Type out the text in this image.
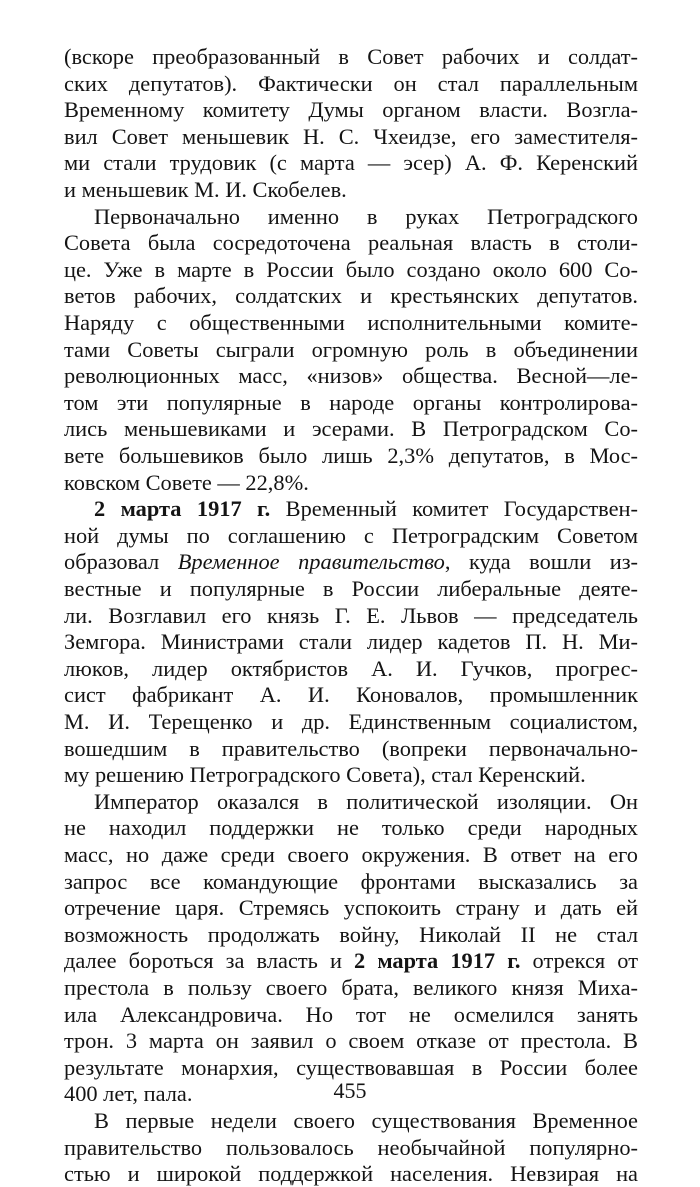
(вскоре преобразованный в Совет рабочих и солдат-
ских депутатов). Фактически он стал параллельным
Временному комитету Думы органом власти. Возгла-
вил Совет меньшевик Н. С. Чхеидзе, его заместителя-
ми стали трудовик (с марта — эсер) А. Ф. Керенский
и меньшевик М. И. Скобелев.
Первоначально именно в руках Петроградского
Совета была сосредоточена реальная власть в столи-
це. Уже в марте в России было создано около 600 Со-
ветов рабочих, солдатских и крестьянских депутатов.
Наряду с общественными исполнительными комите-
тами Советы сыграли огромную роль в объединении
революционных масс, «низов» общества. Весной—ле-
том эти популярные в народе органы контролирова-
лись меньшевиками и эсерами. В Петроградском Со-
вете большевиков было лишь 2,3% депутатов, в Мос-
ковском Совете — 22,8%.
2 марта 1917 г. Временный комитет Государствен-
ной думы по соглашению с Петроградским Советом
образовал Временное правительство, куда вошли из-
вестные и популярные в России либеральные деяте-
ли. Возглавил его князь Г. Е. Львов — председатель
Земгора. Министрами стали лидер кадетов П. Н. Ми-
люков, лидер октябристов А. И. Гучков, прогрес-
сист фабрикант А. И. Коновалов, промышленник
М. И. Терещенко и др. Единственным социалистом,
вошедшим в правительство (вопреки первоначально-
му решению Петроградского Совета), стал Керенский.
Император оказался в политической изоляции. Он
не находил поддержки не только среди народных
масс, но даже среди своего окружения. В ответ на его
запрос все командующие фронтами высказались за
отречение царя. Стремясь успокоить страну и дать ей
возможность продолжать войну, Николай II не стал
далее бороться за власть и 2 марта 1917 г. отрекся от
престола в пользу своего брата, великого князя Миха-
ила Александровича. Но тот не осмелился занять
трон. 3 марта он заявил о своем отказе от престола. В
результате монархия, существовавшая в России более
400 лет, пала.
В первые недели своего существования Временное
правительство пользовалось необычайной популярно-
стью и широкой поддержкой населения. Невзирая на
455
